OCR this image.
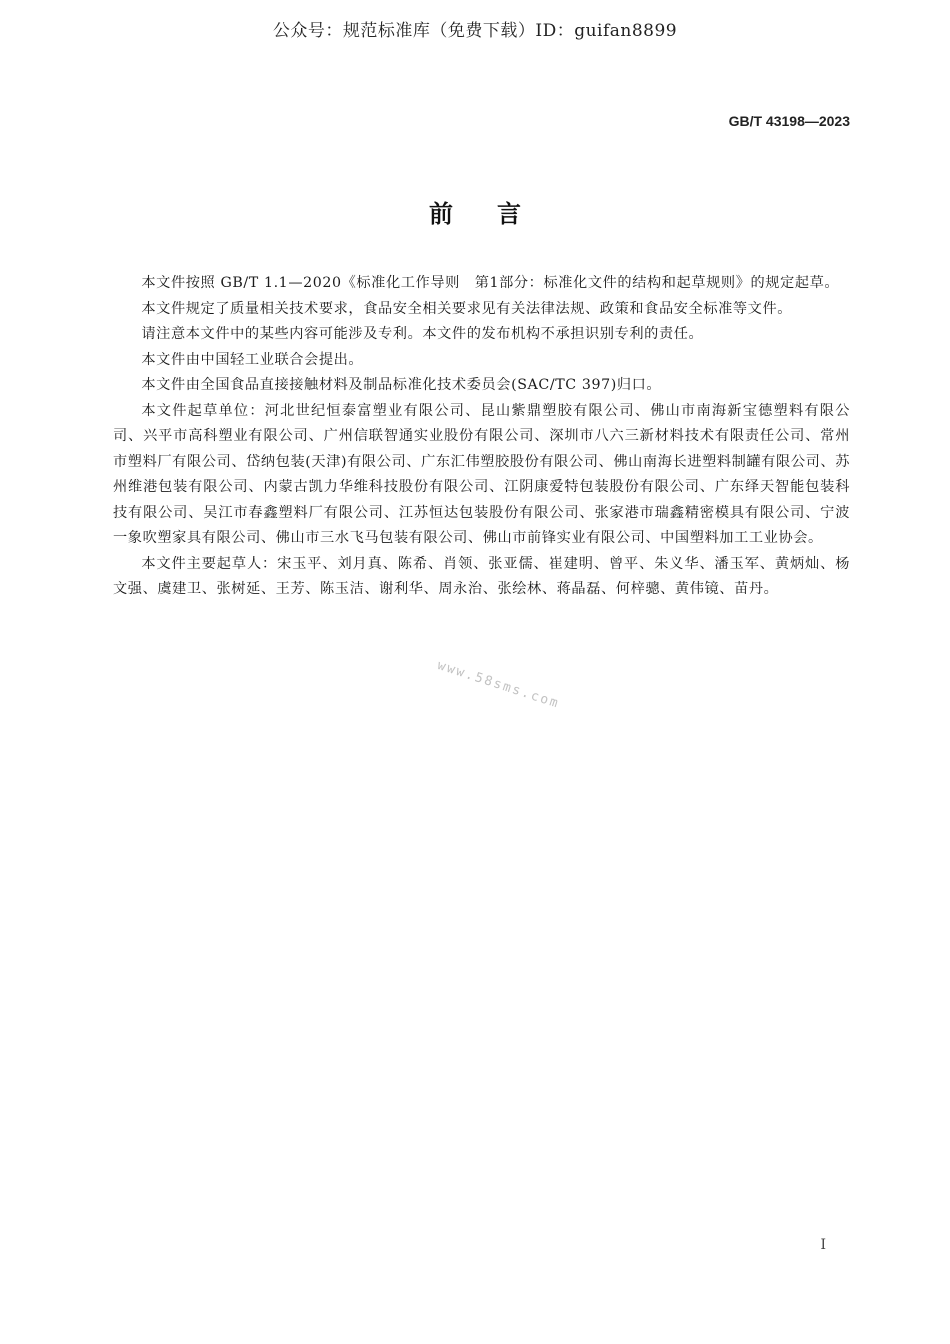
公众号：规范标准库（免费下载）ID：guifan8899
GB/T 43198—2023
前言

本文件按照 GB/T 1.1—2020《标准化工作导则　第1部分：标准化文件的结构和起草规则》的规定起草。

本文件规定了质量相关技术要求，食品安全相关要求见有关法律法规、政策和食品安全标准等文件。

请注意本文件中的某些内容可能涉及专利。本文件的发布机构不承担识别专利的责任。

本文件由中国轻工业联合会提出。

本文件由全国食品直接接触材料及制品标准化技术委员会(SAC/TC 397)归口。

本文件起草单位：河北世纪恒泰富塑业有限公司、昆山紫鼎塑胶有限公司、佛山市南海新宝德塑料有限公司、兴平市高科塑业有限公司、广州信联智通实业股份有限公司、深圳市八六三新材料技术有限责任公司、常州市塑料厂有限公司、岱纳包装(天津)有限公司、广东汇伟塑胶股份有限公司、佛山南海长进塑料制罐有限公司、苏州维港包装有限公司、内蒙古凯力华维科技股份有限公司、江阴康爱特包装股份有限公司、广东绎天智能包装科技有限公司、吴江市春鑫塑料厂有限公司、江苏恒达包装股份有限公司、张家港市瑞鑫精密模具有限公司、宁波一象吹塑家具有限公司、佛山市三水飞马包装有限公司、佛山市前锋实业有限公司、中国塑料加工工业协会。

本文件主要起草人：宋玉平、刘月真、陈希、肖领、张亚儒、崔建明、曾平、朱义华、潘玉军、黄炳灿、杨文强、虞建卫、张树延、王芳、陈玉洁、谢利华、周永治、张绘林、蒋晶磊、何梓骢、黄伟镜、苗丹。

www.58sms.com
I
